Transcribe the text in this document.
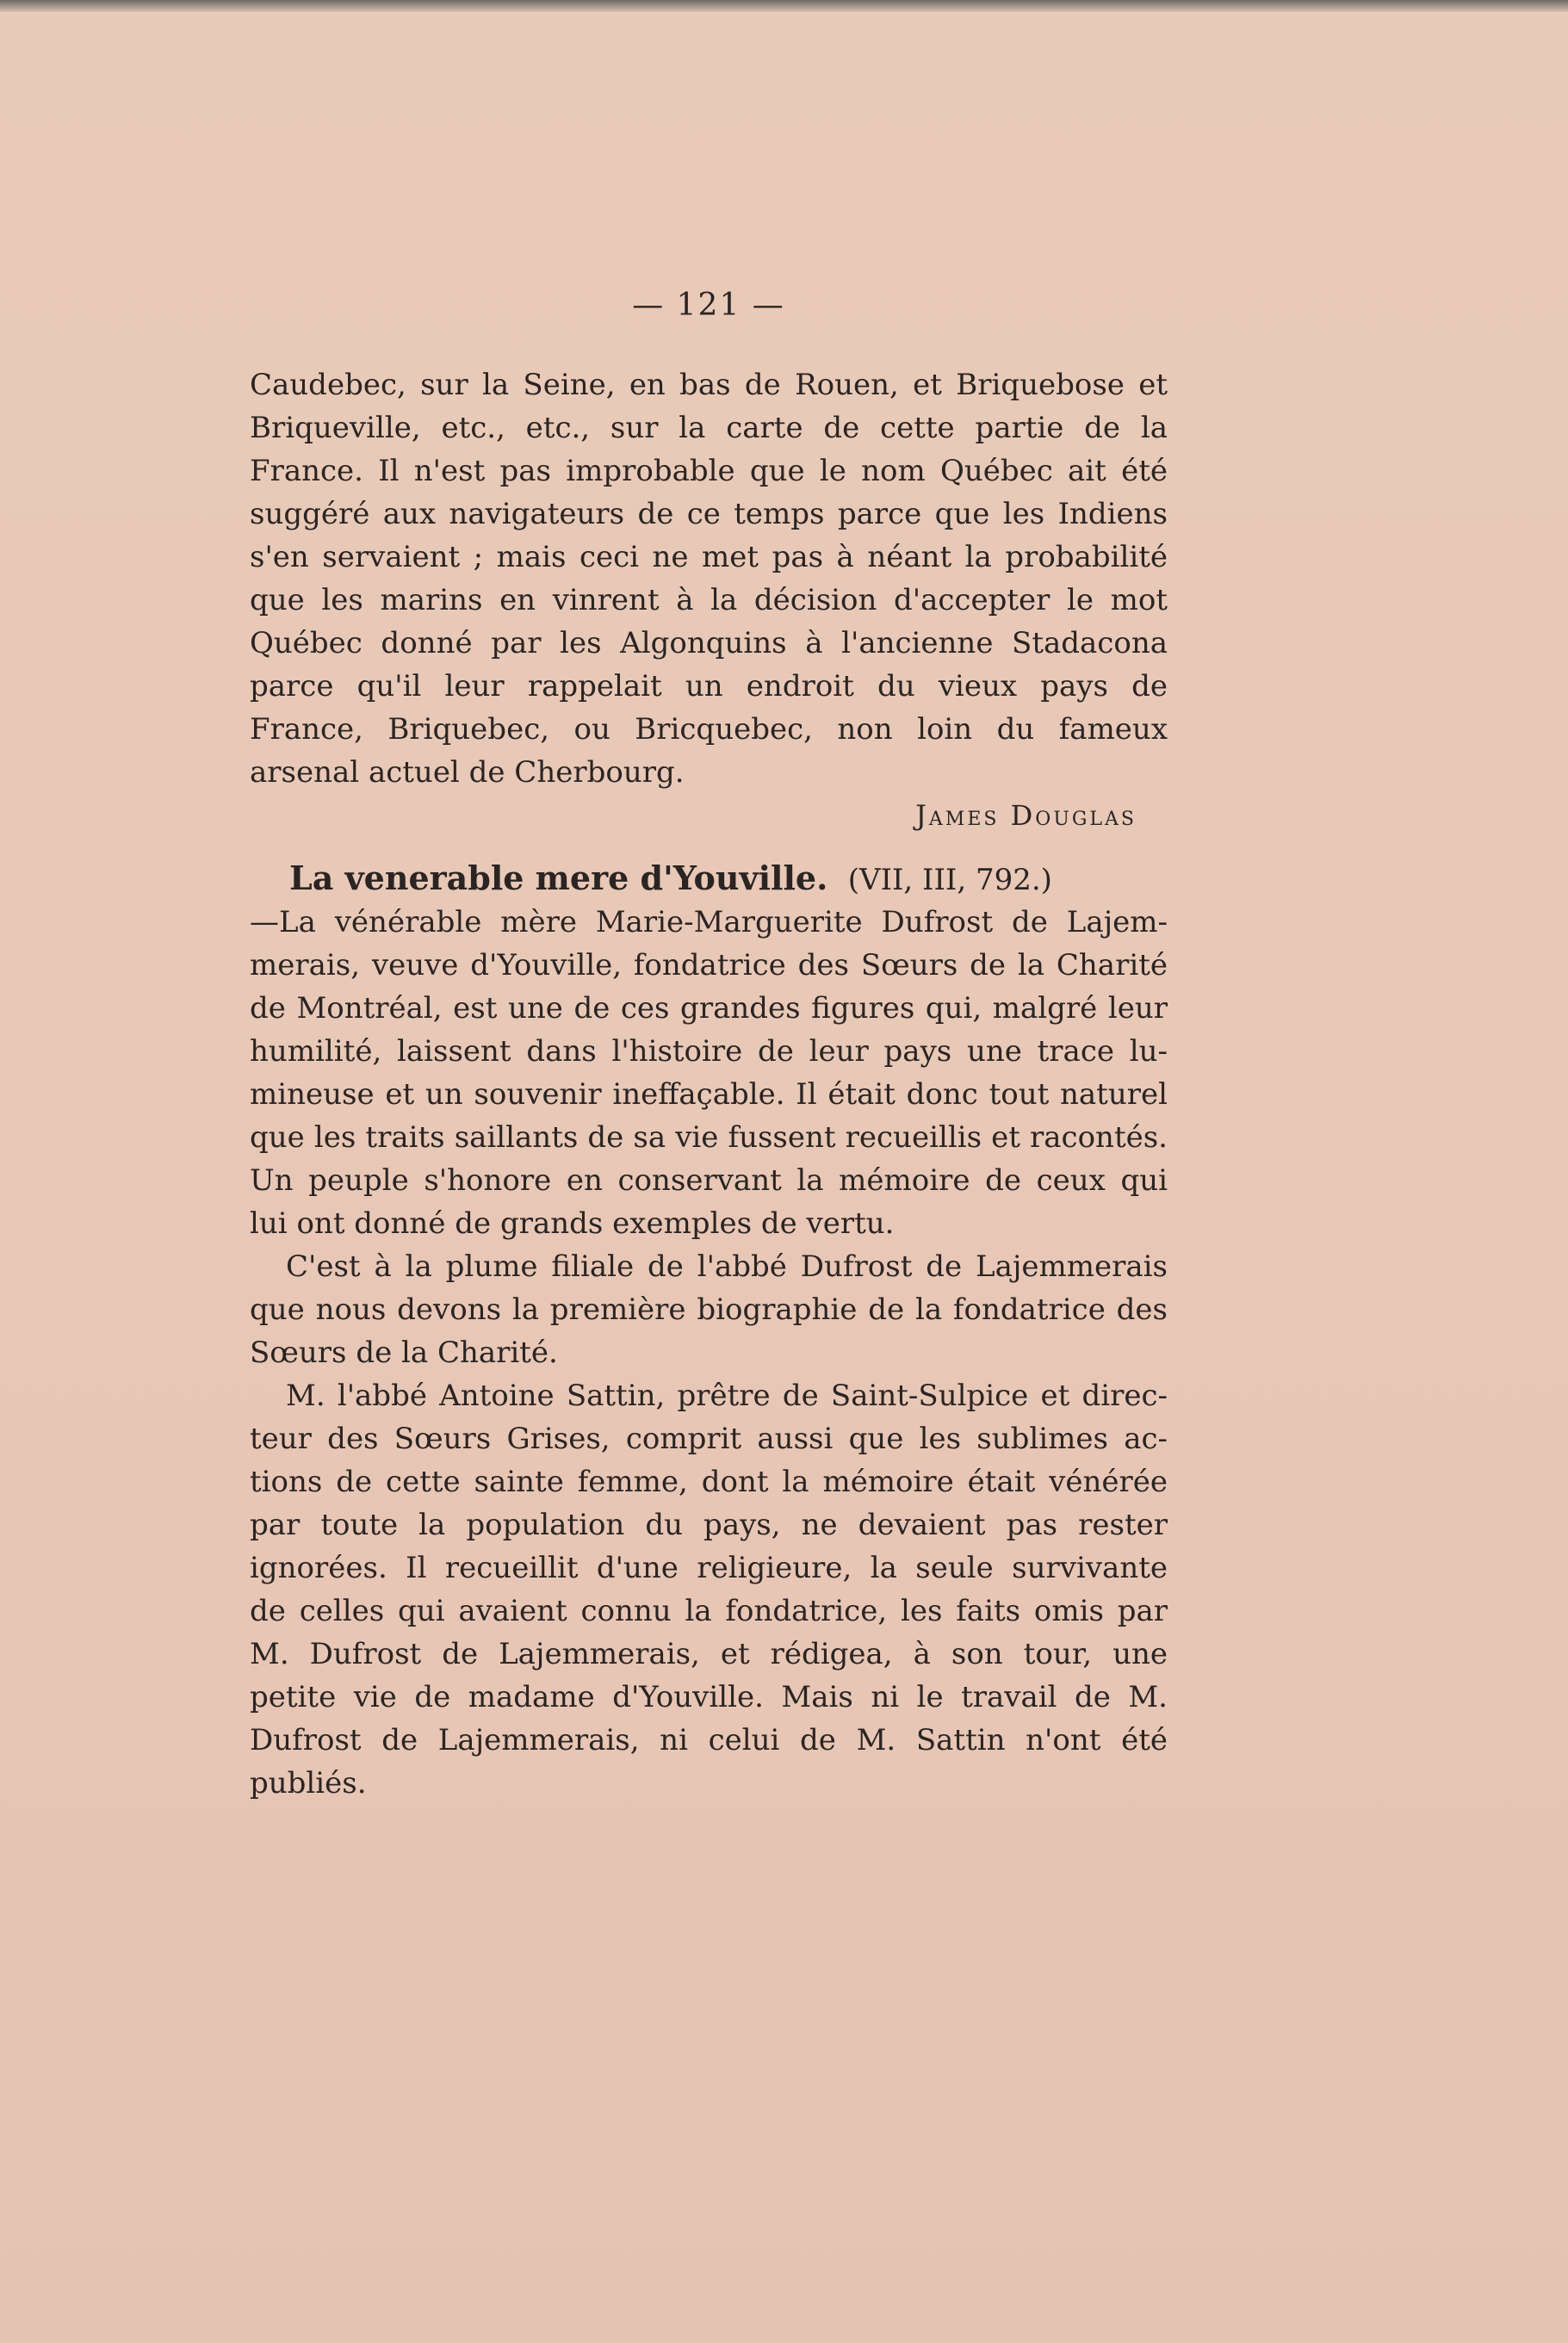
— 121 —
Caudebec, sur la Seine, en bas de Rouen, et Briquebose et
Briqueville, etc., etc., sur la carte de cette partie de la
France. Il n'est pas improbable que le nom Québec ait été
suggéré aux navigateurs de ce temps parce que les Indiens
s'en servaient ; mais ceci ne met pas à néant la probabilité
que les marins en vinrent à la décision d'accepter le mot
Québec donné par les Algonquins à l'ancienne Stadacona
parce qu'il leur rappelait un endroit du vieux pays de
France, Briquebec, ou Bricquebec, non loin du fameux
arsenal actuel de Cherbourg.
James Douglas
La venerable mere d'Youville. (VII, III, 792.)
—La vénérable mère Marie-Marguerite Dufrost de Lajem-
merais, veuve d'Youville, fondatrice des Sœurs de la Charité
de Montréal, est une de ces grandes figures qui, malgré leur
humilité, laissent dans l'histoire de leur pays une trace lu-
mineuse et un souvenir ineffaçable. Il était donc tout naturel
que les traits saillants de sa vie fussent recueillis et racontés.
Un peuple s'honore en conservant la mémoire de ceux qui
lui ont donné de grands exemples de vertu.
C'est à la plume filiale de l'abbé Dufrost de Lajemmerais
que nous devons la première biographie de la fondatrice des
Sœurs de la Charité.
M. l'abbé Antoine Sattin, prêtre de Saint-Sulpice et direc-
teur des Sœurs Grises, comprit aussi que les sublimes ac-
tions de cette sainte femme, dont la mémoire était vénérée
par toute la population du pays, ne devaient pas rester
ignorées. Il recueillit d'une religieure, la seule survivante
de celles qui avaient connu la fondatrice, les faits omis par
M. Dufrost de Lajemmerais, et rédigea, à son tour, une
petite vie de madame d'Youville. Mais ni le travail de M.
Dufrost de Lajemmerais, ni celui de M. Sattin n'ont été
publiés.
